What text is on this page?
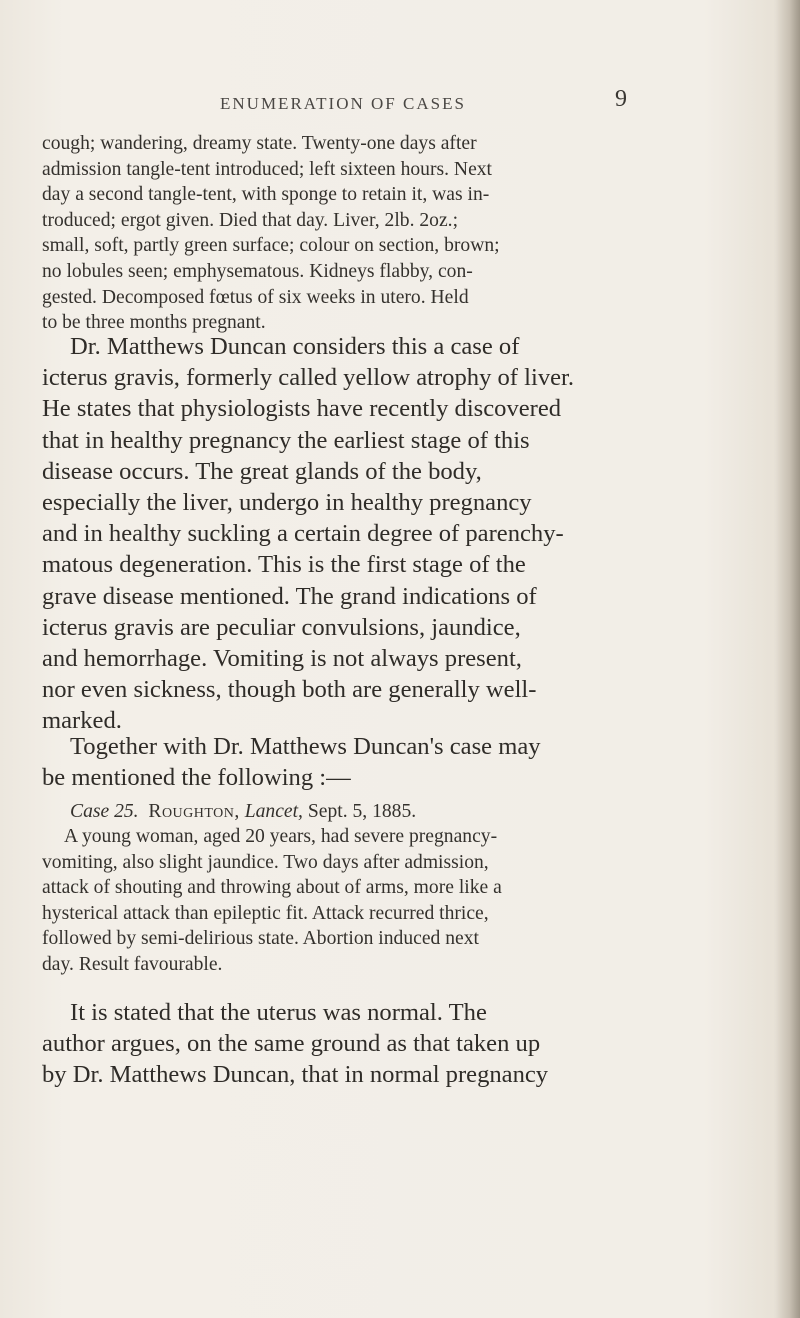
ENUMERATION OF CASES	9
cough; wandering, dreamy state. Twenty-one days after
admission tangle-tent introduced; left sixteen hours. Next
day a second tangle-tent, with sponge to retain it, was in-
troduced; ergot given. Died that day. Liver, 2lb. 2oz.;
small, soft, partly green surface; colour on section, brown;
no lobules seen; emphysematous. Kidneys flabby, con-
gested. Decomposed fœtus of six weeks in utero. Held
to be three months pregnant.
Dr. Matthews Duncan considers this a case of
icterus gravis, formerly called yellow atrophy of liver.
He states that physiologists have recently discovered
that in healthy pregnancy the earliest stage of this
disease occurs. The great glands of the body,
especially the liver, undergo in healthy pregnancy
and in healthy suckling a certain degree of parenchy-
matous degeneration. This is the first stage of the
grave disease mentioned. The grand indications of
icterus gravis are peculiar convulsions, jaundice,
and hemorrhage. Vomiting is not always present,
nor even sickness, though both are generally well-
marked.
Together with Dr. Matthews Duncan's case may
be mentioned the following :—
Case 25. Roughton, Lancet, Sept. 5, 1885.
A young woman, aged 20 years, had severe pregnancy-
vomiting, also slight jaundice. Two days after admission,
attack of shouting and throwing about of arms, more like a
hysterical attack than epileptic fit. Attack recurred thrice,
followed by semi-delirious state. Abortion induced next
day. Result favourable.
It is stated that the uterus was normal. The
author argues, on the same ground as that taken up
by Dr. Matthews Duncan, that in normal pregnancy
